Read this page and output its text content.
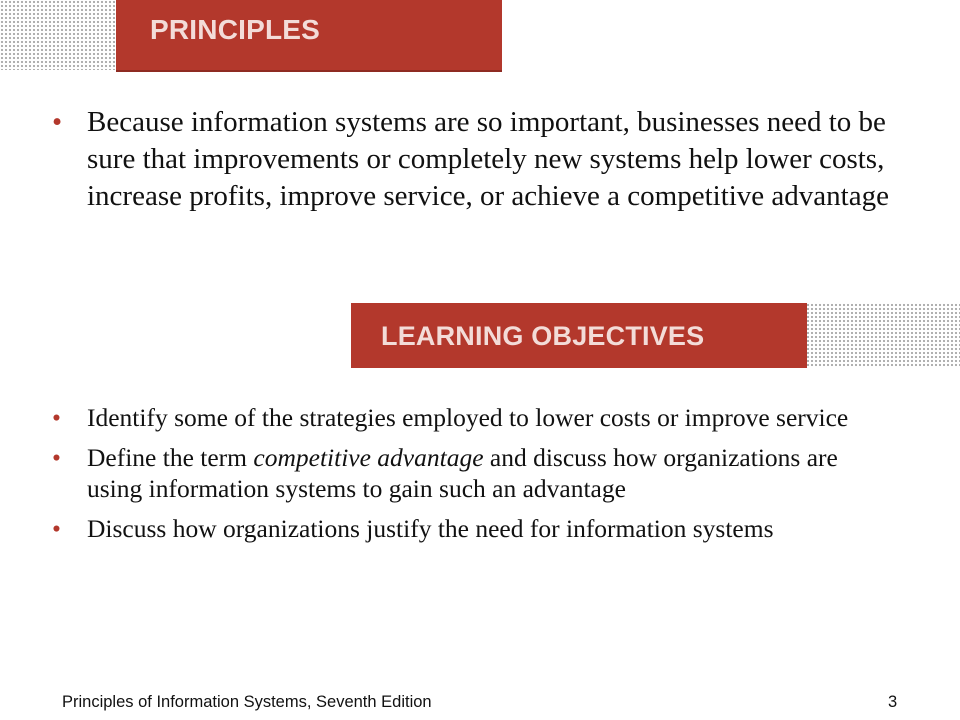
PRINCIPLES
• Because information systems are so important, businesses need to be sure that improvements or completely new systems help lower costs, increase profits, improve service, or achieve a competitive advantage
LEARNING OBJECTIVES
• Identify some of the strategies employed to lower costs or improve service
• Define the term competitive advantage and discuss how organizations are using information systems to gain such an advantage
• Discuss how organizations justify the need for information systems
Principles of Information Systems, Seventh Edition	3
